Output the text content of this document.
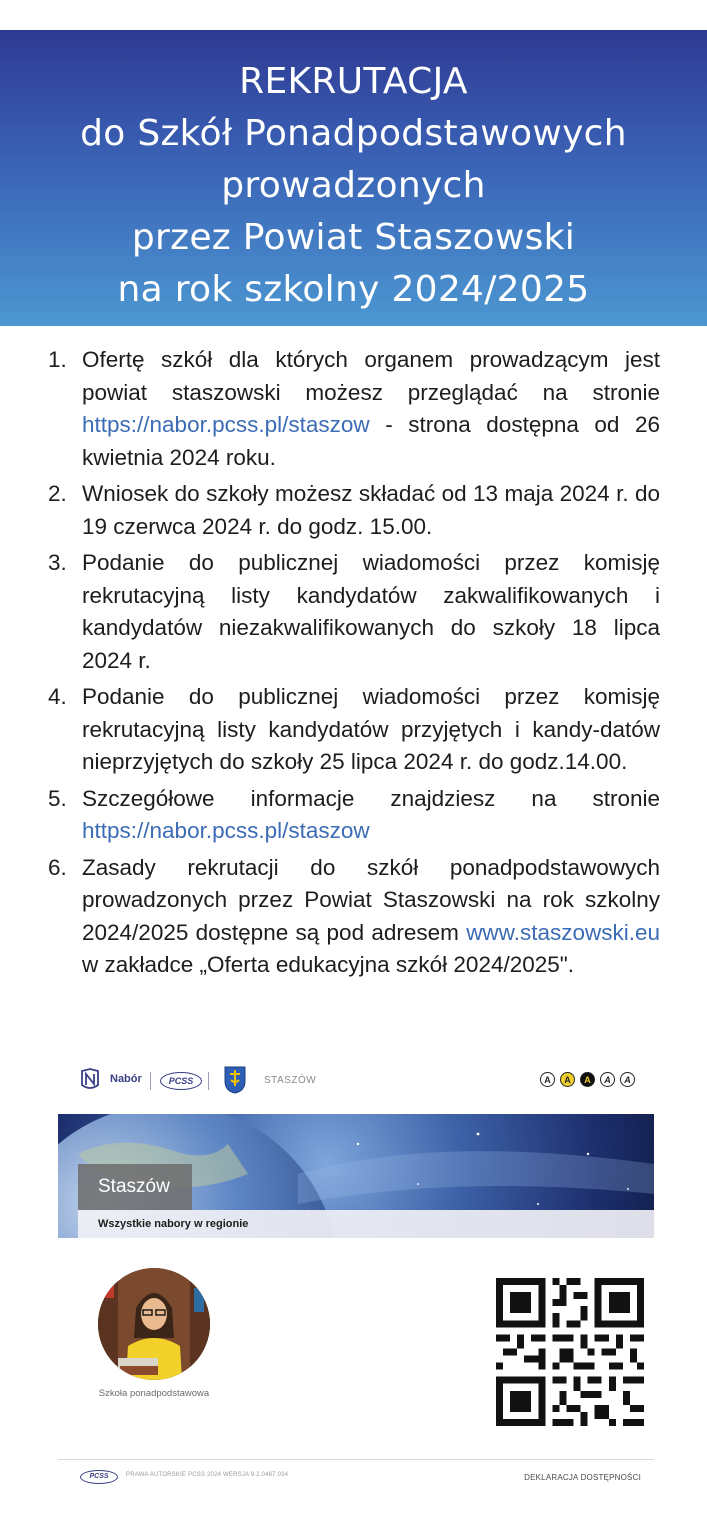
REKRUTACJA
do Szkół Ponadpodstawowych
prowadzonych
przez Powiat Staszowski
na rok szkolny 2024/2025
1. Ofertę szkół dla których organem prowadzącym jest powiat staszowski możesz przeglądać na stronie https://nabor.pcss.pl/staszow - strona dostępna od 26 kwietnia 2024 roku.
2. Wniosek do szkoły możesz składać od 13 maja 2024 r. do 19 czerwca 2024 r. do godz. 15.00.
3. Podanie do publicznej wiadomości przez komisję rekrutacyjną listy kandydatów zakwalifikowanych i kandydatów niezakwalifikowanych do szkoły 18 lipca 2024 r.
4. Podanie do publicznej wiadomości przez komisję rekrutacyjną listy kandydatów przyjętych i kandy-datów nieprzyjętych do szkoły 25 lipca 2024 r. do godz.14.00.
5. Szczegółowe informacje znajdziesz na stronie https://nabor.pcss.pl/staszow
6. Zasady rekrutacji do szkół ponadpodstawowych prowadzonych przez Powiat Staszowski na rok szkolny 2024/2025 dostępne są pod adresem www.staszowski.eu w zakładce „Oferta edukacyjna szkół 2024/2025".
Nabór	PCSS	STASZÓW	A	A	A	A	A
Staszów
Wszystkie nabory w regionie
Szkoła ponadpodstawowa
PCSS	PRAWA AUTORSKIE PCSS 2024 WERSJA 9.2.0487.034	DEKLARACJA DOSTĘPNOŚCI
